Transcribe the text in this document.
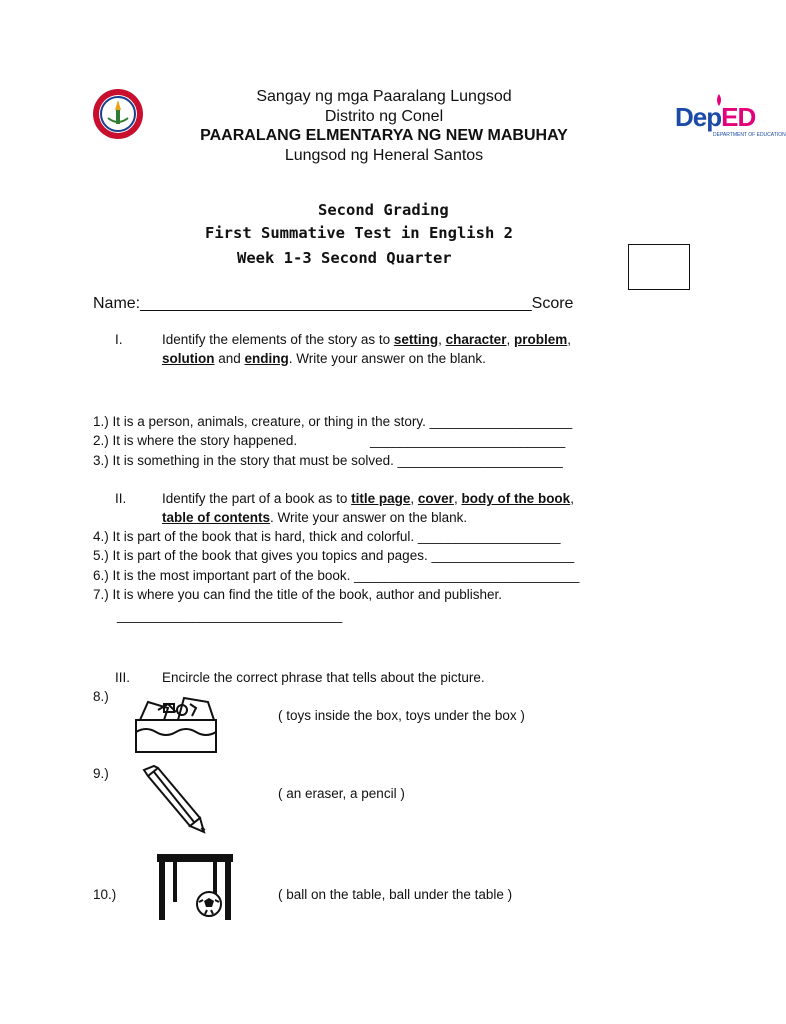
Sangay ng mga Paaralang Lungsod
Distrito ng Conel
PAARALANG ELMENTARYA NG NEW MABUHAY
Lungsod ng Heneral Santos
DepED
DEPARTMENT OF EDUCATION
Second Grading
First Summative Test in English 2
Week 1-3 Second Quarter
Name:____________________________________________Score
I.	Identify the elements of the story as to setting, character, problem,
solution and ending. Write your answer on the blank.
1.) It is a person, animals, creature, or thing in the story. ___________________
2.) It is where the story happened.	__________________________
3.) It is something in the story that must be solved. ______________________
II.	Identify the part of a book as to title page, cover, body of the book,
table of contents. Write your answer on the blank.
4.) It is part of the book that is hard, thick and colorful. ___________________
5.) It is part of the book that gives you topics and pages. ___________________
6.) It is the most important part of the book. ______________________________
7.) It is where you can find the title of the book, author and publisher.
______________________________
III. Encircle the correct phrase that tells about the picture.
8.)
( toys inside the box, toys under the box )
9.)
( an eraser, a pencil )
10.)	( ball on the table, ball under the table )
